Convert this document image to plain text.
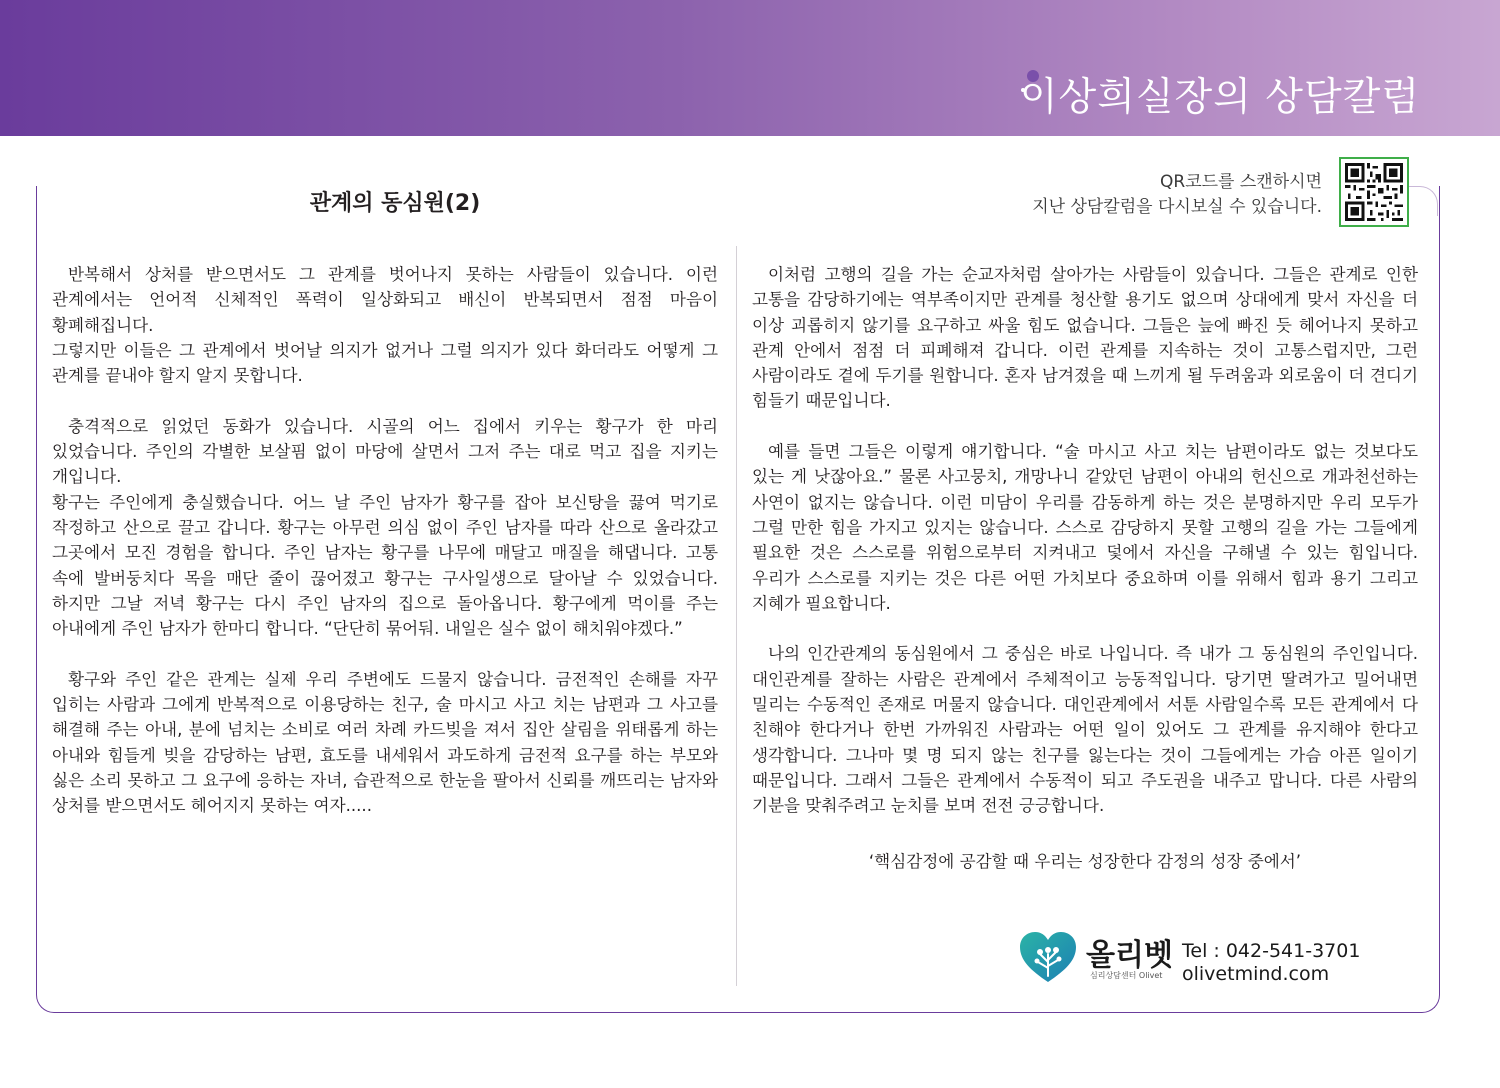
이상희실장의 상담칼럼
관계의 동심원(2)
QR코드를 스캔하시면
지난 상담칼럼을 다시보실 수 있습니다.

반복해서 상처를 받으면서도 그 관계를 벗어나지 못하는 사람들이 있습니다. 이런 관계에서는 언어적 신체적인 폭력이 일상화되고 배신이 반복되면서 점점 마음이 황폐해집니다.

그렇지만 이들은 그 관계에서 벗어날 의지가 없거나 그럴 의지가 있다 화더라도 어떻게 그 관계를 끝내야 할지 알지 못합니다.

충격적으로 읽었던 동화가 있습니다. 시골의 어느 집에서 키우는 황구가 한 마리 있었습니다. 주인의 각별한 보살핌 없이 마당에 살면서 그저 주는 대로 먹고 집을 지키는 개입니다.

황구는 주인에게 충실했습니다. 어느 날 주인 남자가 황구를 잡아 보신탕을 끓여 먹기로 작정하고 산으로 끌고 갑니다. 황구는 아무런 의심 없이 주인 남자를 따라 산으로 올라갔고 그곳에서 모진 경험을 합니다. 주인 남자는 황구를 나무에 매달고 매질을 해댑니다. 고통 속에 발버둥치다 목을 매단 줄이 끊어졌고 황구는 구사일생으로 달아날 수 있었습니다. 하지만 그날 저녁 황구는 다시 주인 남자의 집으로 돌아옵니다. 황구에게 먹이를 주는 아내에게 주인 남자가 한마디 합니다. “단단히 묶어둬. 내일은 실수 없이 해치워야겠다.”

황구와 주인 같은 관계는 실제 우리 주변에도 드물지 않습니다. 금전적인 손해를 자꾸 입히는 사람과 그에게 반복적으로 이용당하는 친구, 술 마시고 사고 치는 남편과 그 사고를 해결해 주는 아내, 분에 넘치는 소비로 여러 차례 카드빚을 져서 집안 살림을 위태롭게 하는 아내와 힘들게 빚을 감당하는 남편, 효도를 내세워서 과도하게 금전적 요구를 하는 부모와 싫은 소리 못하고 그 요구에 응하는 자녀, 습관적으로 한눈을 팔아서 신뢰를 깨뜨리는 남자와 상처를 받으면서도 헤어지지 못하는 여자.....

이처럼 고행의 길을 가는 순교자처럼 살아가는 사람들이 있습니다. 그들은 관계로 인한 고통을 감당하기에는 역부족이지만 관계를 청산할 용기도 없으며 상대에게 맞서 자신을 더 이상 괴롭히지 않기를 요구하고 싸울 힘도 없습니다. 그들은 늪에 빠진 듯 헤어나지 못하고 관계 안에서 점점 더 피폐해져 갑니다. 이런 관계를 지속하는 것이 고통스럽지만, 그런 사람이라도 곁에 두기를 원합니다. 혼자 남겨졌을 때 느끼게 될 두려움과 외로움이 더 견디기 힘들기 때문입니다.

예를 들면 그들은 이렇게 얘기합니다. “술 마시고 사고 치는 남편이라도 없는 것보다도 있는 게 낫잖아요.” 물론 사고뭉치, 개망나니 같았던 남편이 아내의 헌신으로 개과천선하는 사연이 없지는 않습니다. 이런 미담이 우리를 감동하게 하는 것은 분명하지만 우리 모두가 그럴 만한 힘을 가지고 있지는 않습니다. 스스로 감당하지 못할 고행의 길을 가는 그들에게 필요한 것은 스스로를 위험으로부터 지켜내고 덫에서 자신을 구해낼 수 있는 힘입니다. 우리가 스스로를 지키는 것은 다른 어떤 가치보다 중요하며 이를 위해서 힘과 용기 그리고 지혜가 필요합니다.

나의 인간관계의 동심원에서 그 중심은 바로 나입니다. 즉 내가 그 동심원의 주인입니다. 대인관계를 잘하는 사람은 관계에서 주체적이고 능동적입니다. 당기면 딸려가고 밀어내면 밀리는 수동적인 존재로 머물지 않습니다. 대인관계에서 서툰 사람일수록 모든 관계에서 다 친해야 한다거나 한번 가까워진 사람과는 어떤 일이 있어도 그 관계를 유지해야 한다고 생각합니다. 그나마 몇 명 되지 않는 친구를 잃는다는 것이 그들에게는 가슴 아픈 일이기 때문입니다. 그래서 그들은 관계에서 수동적이 되고 주도권을 내주고 맙니다. 다른 사람의 기분을 맞춰주려고 눈치를 보며 전전 긍긍합니다.

‘핵심감정에 공감할 때 우리는 성장한다 감정의 성장 중에서’
올리벳
심리상담센터 Olivet
Tel : 042-541-3701
olivetmind.com
